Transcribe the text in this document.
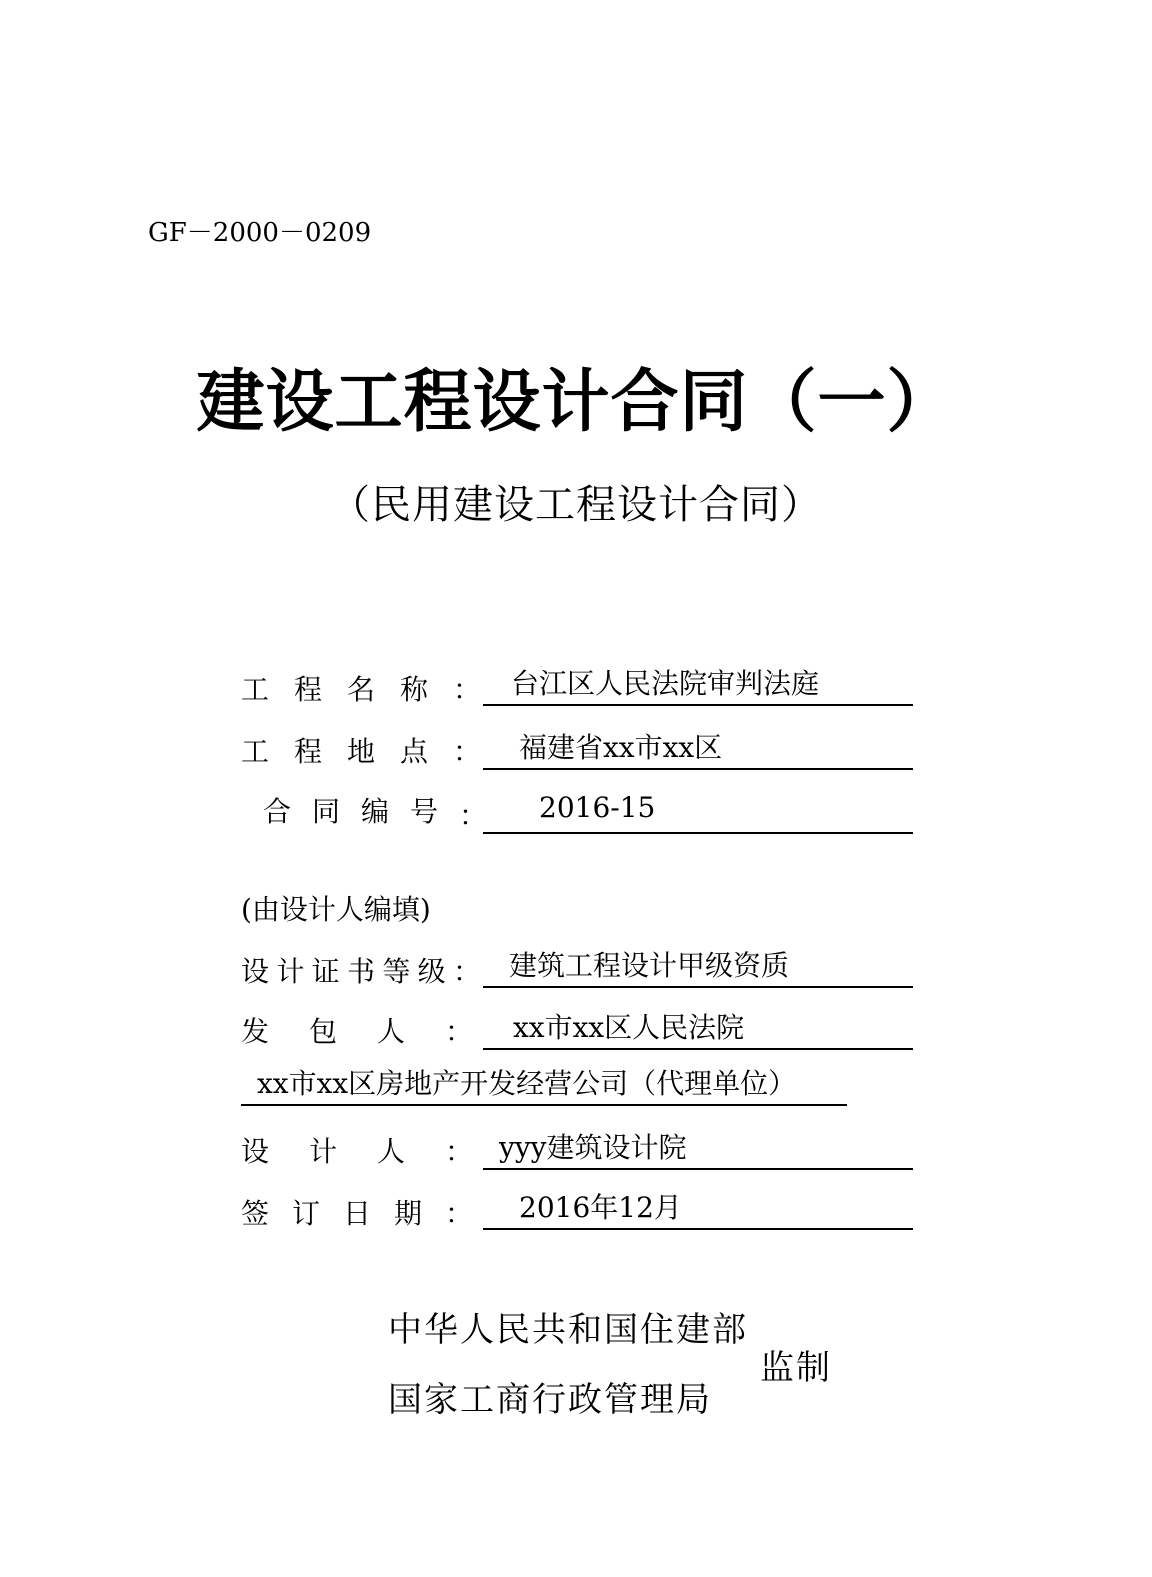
GF－2000－0209
建设工程设计合同（一）
（民用建设工程设计合同）
工 程 名 称 ： 台江区人民法院审判法庭
工 程 地 点 ： 福建省xx市xx区
合 同 编 号 ： 2016-15
(由设计人编填)
设 计 证 书 等 级 ： 建筑工程设计甲级资质
发 包 人 ： xx市xx区人民法院
xx市xx区房地产开发经营公司（代理单位）
设 计 人 ： yyy建筑设计院
签 订 日 期 ： 2016年12月
中华人民共和国住建部
国家工商行政管理局
监制
